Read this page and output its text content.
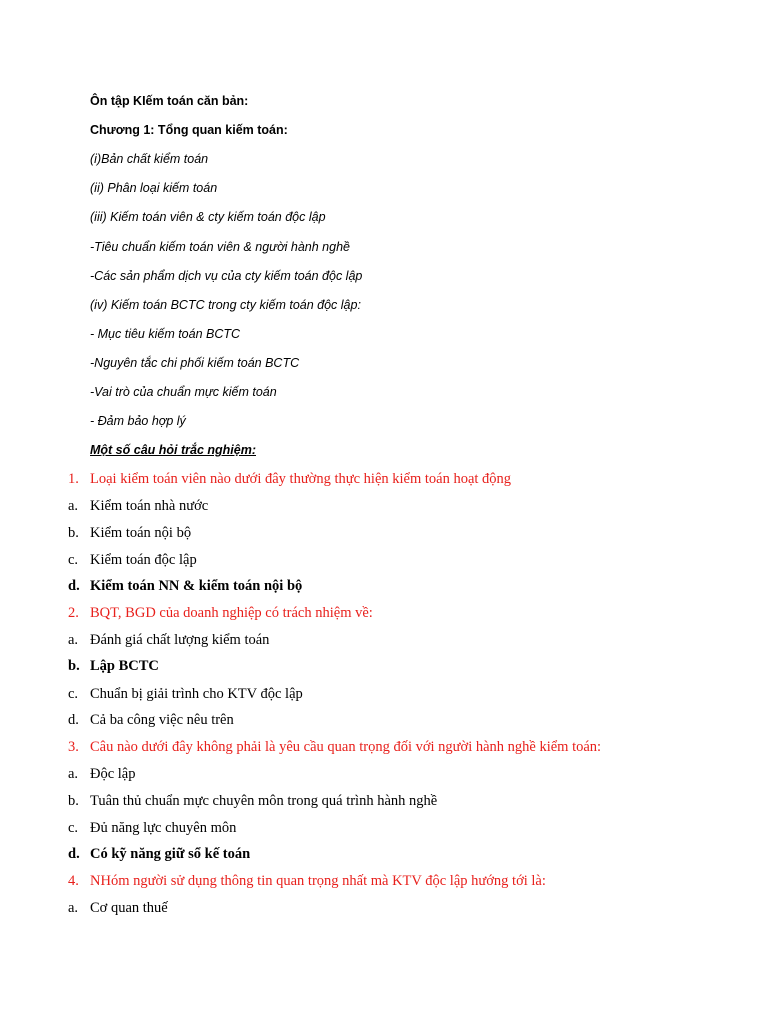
Ôn tập KIếm toán căn bản:
Chương 1: Tổng quan kiếm toán:
(i)Bản chất kiểm toán
(ii) Phân loại kiếm toán
(iii) Kiếm toán viên & cty kiếm toán độc lập
-Tiêu chuẩn kiếm toán viên & người hành nghề
-Các sản phẩm dịch vụ của cty kiếm toán độc lập
(iv) Kiếm toán BCTC trong cty kiếm toán độc lập:
- Mục tiêu kiếm toán BCTC
-Nguyên tắc chi phối kiếm toán BCTC
-Vai trò của chuẩn mực kiếm toán
- Đảm bảo hợp lý
Một số câu hỏi trắc nghiệm:
1. Loại kiểm toán viên nào dưới đây thường thực hiện kiểm toán hoạt động
a. Kiểm toán nhà nước
b. Kiểm toán nội bộ
c. Kiểm toán độc lập
d. Kiểm toán NN & kiểm toán nội bộ
2. BQT, BGD của doanh nghiệp có trách nhiệm về:
a. Đánh giá chất lượng kiểm toán
b. Lập BCTC
c. Chuẩn bị giải trình cho KTV độc lập
d. Cả ba công việc nêu trên
3. Câu nào dưới đây không phải là yêu cầu quan trọng đối với người hành nghề kiểm toán:
a. Độc lập
b. Tuân thủ chuẩn mực chuyên môn trong quá trình hành nghề
c. Đủ năng lực chuyên môn
d. Có kỹ năng giữ sổ kế toán
4. NHóm người sử dụng thông tin quan trọng nhất mà KTV độc lập hướng tới là:
a. Cơ quan thuế
